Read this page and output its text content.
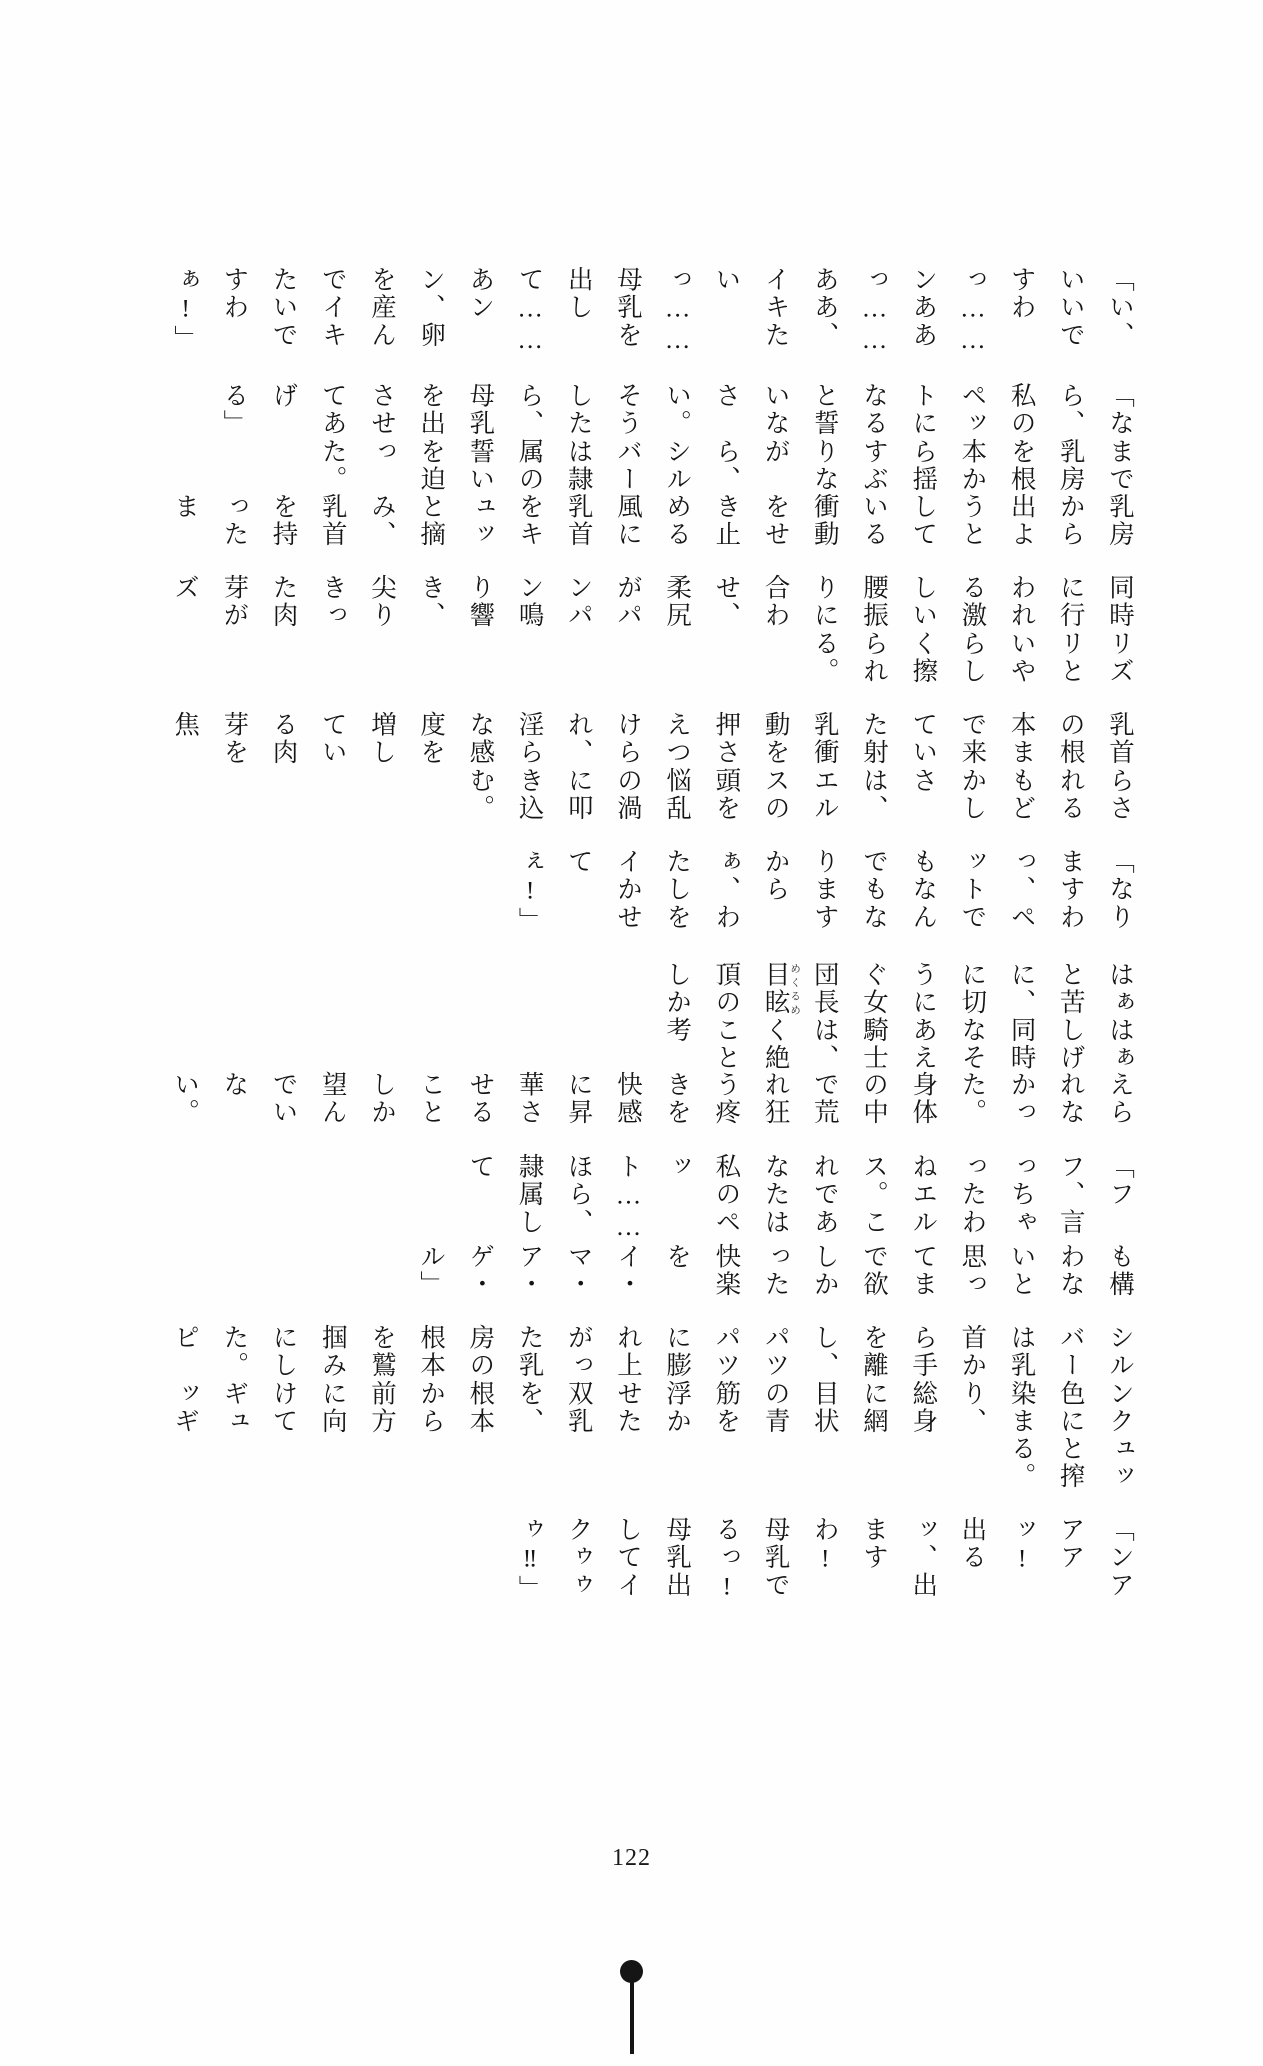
「い、いいですわっ……ンああっ……ああ、イキたいっ……母乳を出して……あンン、卵を産んでイキたいですわぁ!」

「なら、私のペットになると誓いなさい。そうしたら、母乳を出させてあげる」

まで乳房を根本から揺すぶりながら、シルバーは隷属の誓いを迫った。

乳房から出ようとしている衝動をせき止める風に乳首をキュッと摘み、乳首を持ったま

同時に行われる激しい腰振りに合わせ、柔尻がパンパン鳴り響き、尖りきった肉芽がズ

リズリといやらしく擦られる。

乳首の根本まで来ていた射乳衝動を押さえつけられ、淫らな感度を増している肉芽を焦

らされるもどかしさは、エルスの頭を悩乱の渦に叩き込む。

「なりますわっ、ペットでもなんでもなりますからぁ、わたしをイかせてぇ!」

はぁはぁと苦しげに、同時に切なそうにあえぐ女騎士団長は、目眩めくるめく絶頂のことしか考

えられなかった。身体の中で荒れ狂う疼きを快感に昇華させることしか望んでいない。

「フフ、言っちゃったわねエルス。これであなたは私のペット……ほら、隷属して

も構わないと思ってまで欲しかった快楽をイ・マ・ア・ゲ・ル」

シルバーは乳首から手を離し、パツパツに膨れ上がった乳房の根本を鷲掴みにした。ピ

ンク色に染まり、総身に網目状の青筋を浮かせた双乳を、根本から前方に向けてギュッギ

ュッと搾る。

「ンアアアッ! 出るッ、出ますわ! 母乳でるっ! 母乳出してイクゥゥゥ‼」

122
